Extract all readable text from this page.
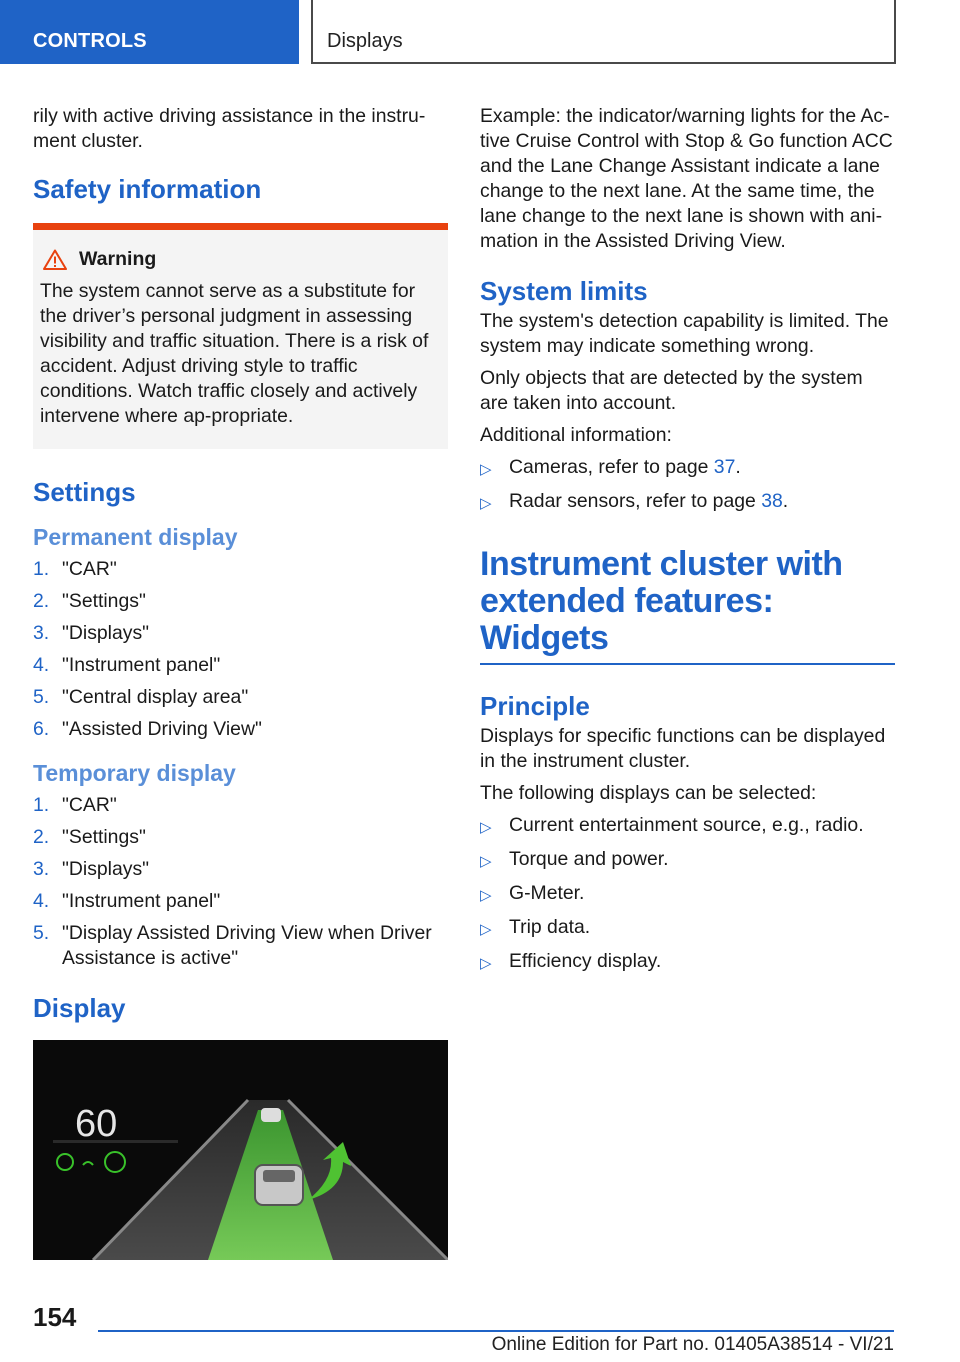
CONTROLS	Displays

rily with active driving assistance in the instru-ment cluster.

Safety information
Warning

The system cannot serve as a substitute for the driver’s personal judgment in assessing visibility and traffic situation. There is a risk of accident. Adjust driving style to traffic conditions. Watch traffic closely and actively intervene where ap-propriate.

Settings
Permanent display
1. "CAR"
2. "Settings"
3. "Displays"
4. "Instrument panel"
5. "Central display area"
6. "Assisted Driving View"
Temporary display
1. "CAR"
2. "Settings"
3. "Displays"
4. "Instrument panel"
5. "Display Assisted Driving View when Driver Assistance is active"
Display
60

Example: the indicator/warning lights for the Ac-tive Cruise Control with Stop & Go function ACC and the Lane Change Assistant indicate a lane change to the next lane. At the same time, the lane change to the next lane is shown with ani-mation in the Assisted Driving View.

System limits

The system's detection capability is limited. The system may indicate something wrong.

Only objects that are detected by the system are taken into account.

Additional information:

▷ Cameras, refer to page 37.
▷ Radar sensors, refer to page 38.
Instrument cluster with extended features: Widgets
Principle

Displays for specific functions can be displayed in the instrument cluster.

The following displays can be selected:

▷ Current entertainment source, e.g., radio.
▷ Torque and power.
▷ G-Meter.
▷ Trip data.
▷ Efficiency display.
154
Online Edition for Part no. 01405A38514 - VI/21
